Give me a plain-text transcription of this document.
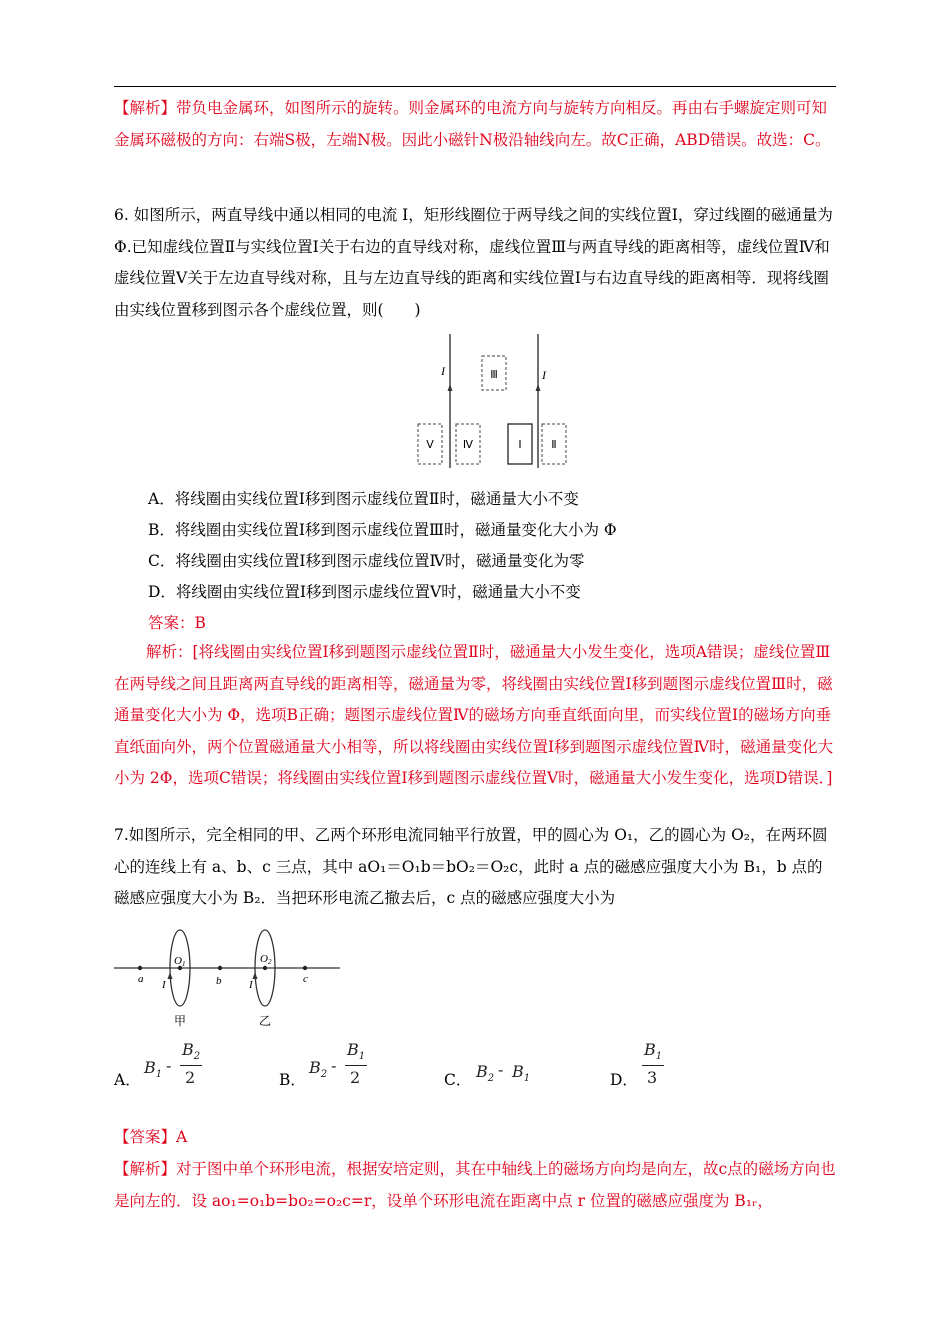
【解析】带负电金属环，如图所示的旋转。则金属环的电流方向与旋转方向相反。再由右手螺旋定则可知金属环磁极的方向：右端S极，左端N极。因此小磁针N极沿轴线向左。故C正确，ABD错误。故选：C。
6. 如图所示，两直导线中通以相同的电流 I，矩形线圈位于两导线之间的实线位置Ⅰ，穿过线圈的磁通量为 Φ.已知虚线位置Ⅱ与实线位置Ⅰ关于右边的直导线对称，虚线位置Ⅲ与两直导线的距离相等，虚线位置Ⅳ和虚线位置Ⅴ关于左边直导线对称，且与左边直导线的距离和实线位置Ⅰ与右边直导线的距离相等．现将线圈由实线位置移到图示各个虚线位置，则(　　)
I	I
Ⅲ
Ⅴ	Ⅳ	Ⅰ	Ⅱ
A．将线圈由实线位置Ⅰ移到图示虚线位置Ⅱ时，磁通量大小不变
B．将线圈由实线位置Ⅰ移到图示虚线位置Ⅲ时，磁通量变化大小为 Φ
C．将线圈由实线位置Ⅰ移到图示虚线位置Ⅳ时，磁通量变化为零
D．将线圈由实线位置Ⅰ移到图示虚线位置Ⅴ时，磁通量大小不变
答案：B
解析：[将线圈由实线位置Ⅰ移到题图示虚线位置Ⅱ时，磁通量大小发生变化，选项A错误；虚线位置Ⅲ在两导线之间且距离两直导线的距离相等，磁通量为零，将线圈由实线位置Ⅰ移到题图示虚线位置Ⅲ时，磁通量变化大小为 Φ，选项B正确；题图示虚线位置Ⅳ的磁场方向垂直纸面向里，而实线位置Ⅰ的磁场方向垂直纸面向外，两个位置磁通量大小相等，所以将线圈由实线位置Ⅰ移到题图示虚线位置Ⅳ时，磁通量变化大小为 2Φ，选项C错误；将线圈由实线位置Ⅰ移到题图示虚线位置Ⅴ时，磁通量大小发生变化，选项D错误．]
7.如图所示，完全相同的甲、乙两个环形电流同轴平行放置，甲的圆心为 O₁，乙的圆心为 O₂，在两环圆心的连线上有 a、b、c 三点，其中 aO₁＝O₁b＝bO₂＝O₂c，此时 a 点的磁感应强度大小为 B₁，b 点的磁感应强度大小为 B₂．当把环形电流乙撤去后，c 点的磁感应强度大小为
a	b	c
O1	O2
I	I
甲	乙
A．
$B_1$ -
$B_2$
2	B．
$B_2$ -
$B_1$
2	C． $B_2 - B_1$	D．
$B_1$
3
【答案】A
【解析】对于图中单个环形电流，根据安培定则，其在中轴线上的磁场方向均是向左，故c点的磁场方向也是向左的．设 ao₁=o₁b=bo₂=o₂c=r，设单个环形电流在距离中点 r 位置的磁感应强度为 B₁ᵣ，
